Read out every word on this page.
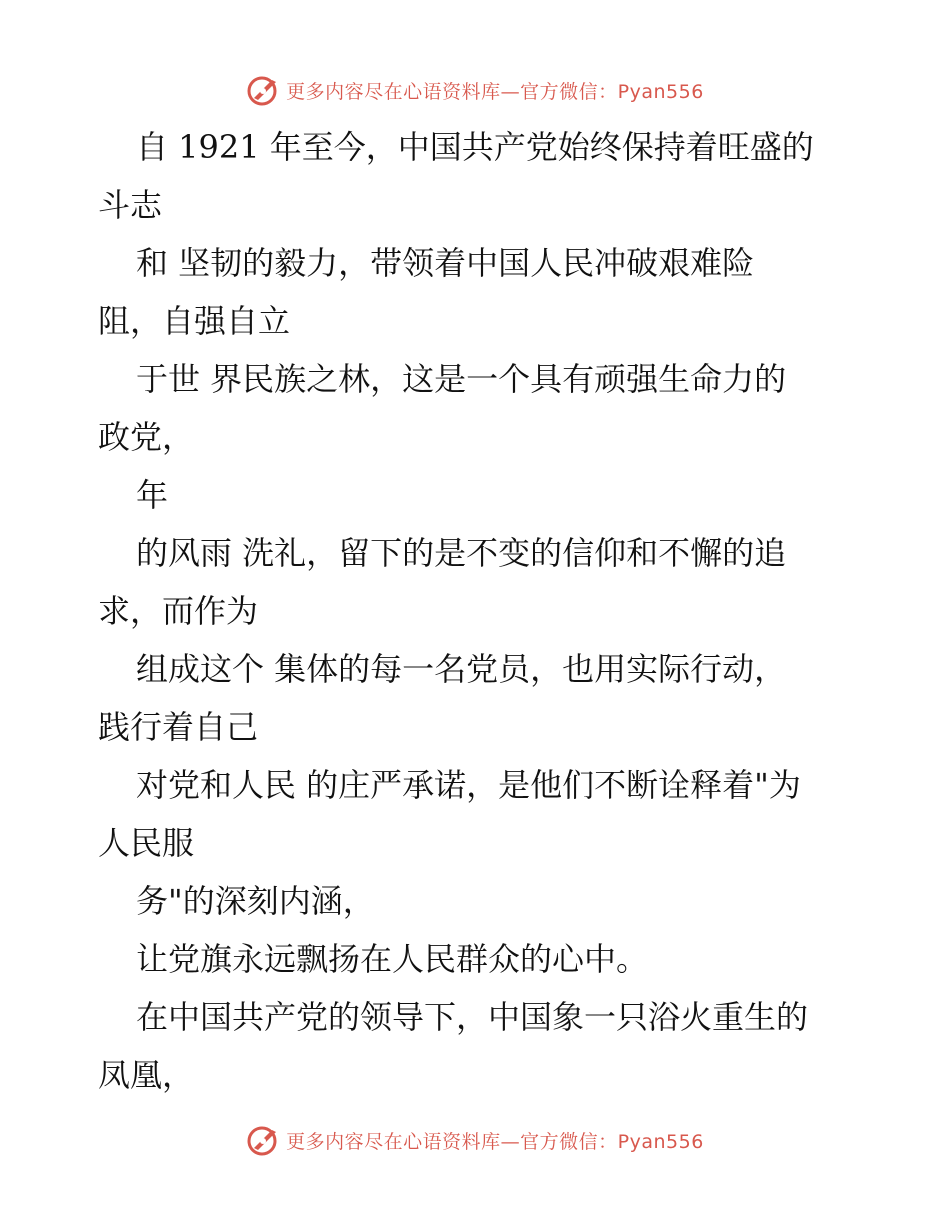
更多内容尽在心语资料库—官方微信：Pyan556
自 1921 年至今，中国共产党始终保持着旺盛的
斗志
和 坚韧的毅力，带领着中国人民冲破艰难险
阻，自强自立
于世 界民族之林，这是一个具有顽强生命力的
政党，
年
的风雨 洗礼，留下的是不变的信仰和不懈的追
求，而作为
组成这个 集体的每一名党员，也用实际行动，
践行着自己
对党和人民 的庄严承诺，是他们不断诠释着"为
人民服
务"的深刻内涵，
让党旗永远飘扬在人民群众的心中。
在中国共产党的领导下，中国象一只浴火重生的
凤凰，
更多内容尽在心语资料库—官方微信：Pyan556
